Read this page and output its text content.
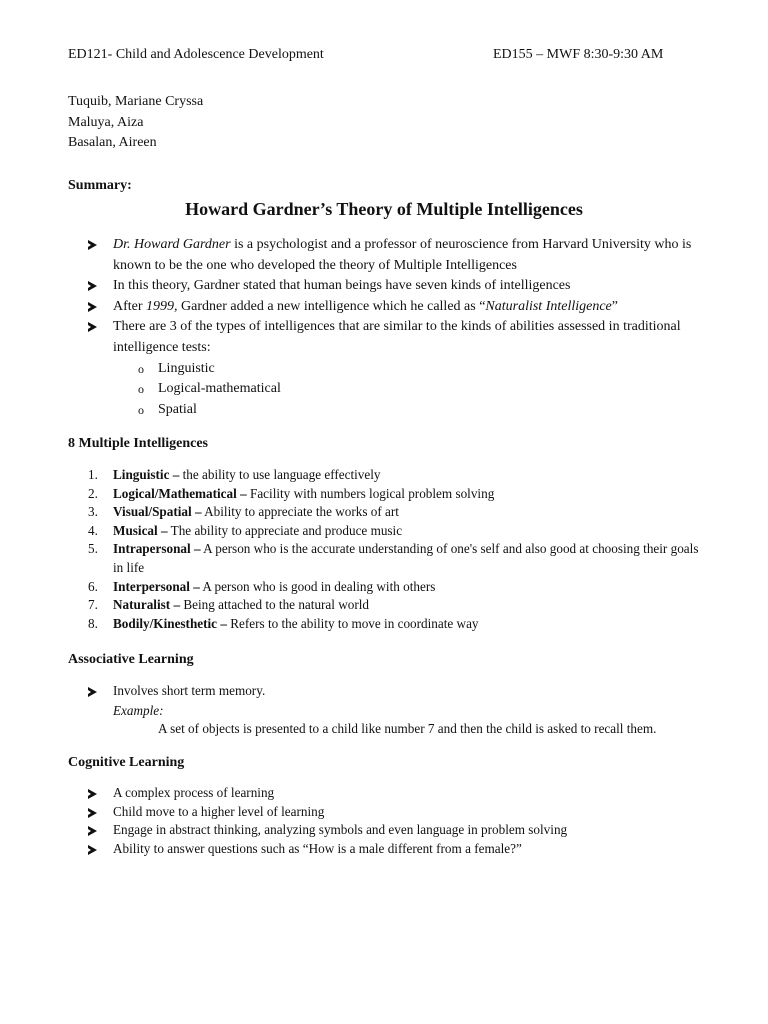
ED121- Child and Adolescence Development	ED155 – MWF 8:30-9:30 AM
Tuquib, Mariane Cryssa
Maluya, Aiza
Basalan, Aireen
Summary:
Howard Gardner’s Theory of Multiple Intelligences
Dr. Howard Gardner is a psychologist and a professor of neuroscience from Harvard University who is known to be the one who developed the theory of Multiple Intelligences
In this theory, Gardner stated that human beings have seven kinds of intelligences
After 1999, Gardner added a new intelligence which he called as “Naturalist Intelligence”
There are 3 of the types of intelligences that are similar to the kinds of abilities assessed in traditional intelligence tests:
o Linguistic
o Logical-mathematical
o Spatial
8 Multiple Intelligences
1. Linguistic – the ability to use language effectively
2. Logical/Mathematical – Facility with numbers logical problem solving
3. Visual/Spatial – Ability to appreciate the works of art
4. Musical – The ability to appreciate and produce music
5. Intrapersonal – A person who is the accurate understanding of one's self and also good at choosing their goals in life
6. Interpersonal – A person who is good in dealing with others
7. Naturalist – Being attached to the natural world
8. Bodily/Kinesthetic – Refers to the ability to move in coordinate way
Associative Learning
Involves short term memory.
Example:
A set of objects is presented to a child like number 7 and then the child is asked to recall them.
Cognitive Learning
A complex process of learning
Child move to a higher level of learning
Engage in abstract thinking, analyzing symbols and even language in problem solving
Ability to answer questions such as “How is a male different from a female?”
